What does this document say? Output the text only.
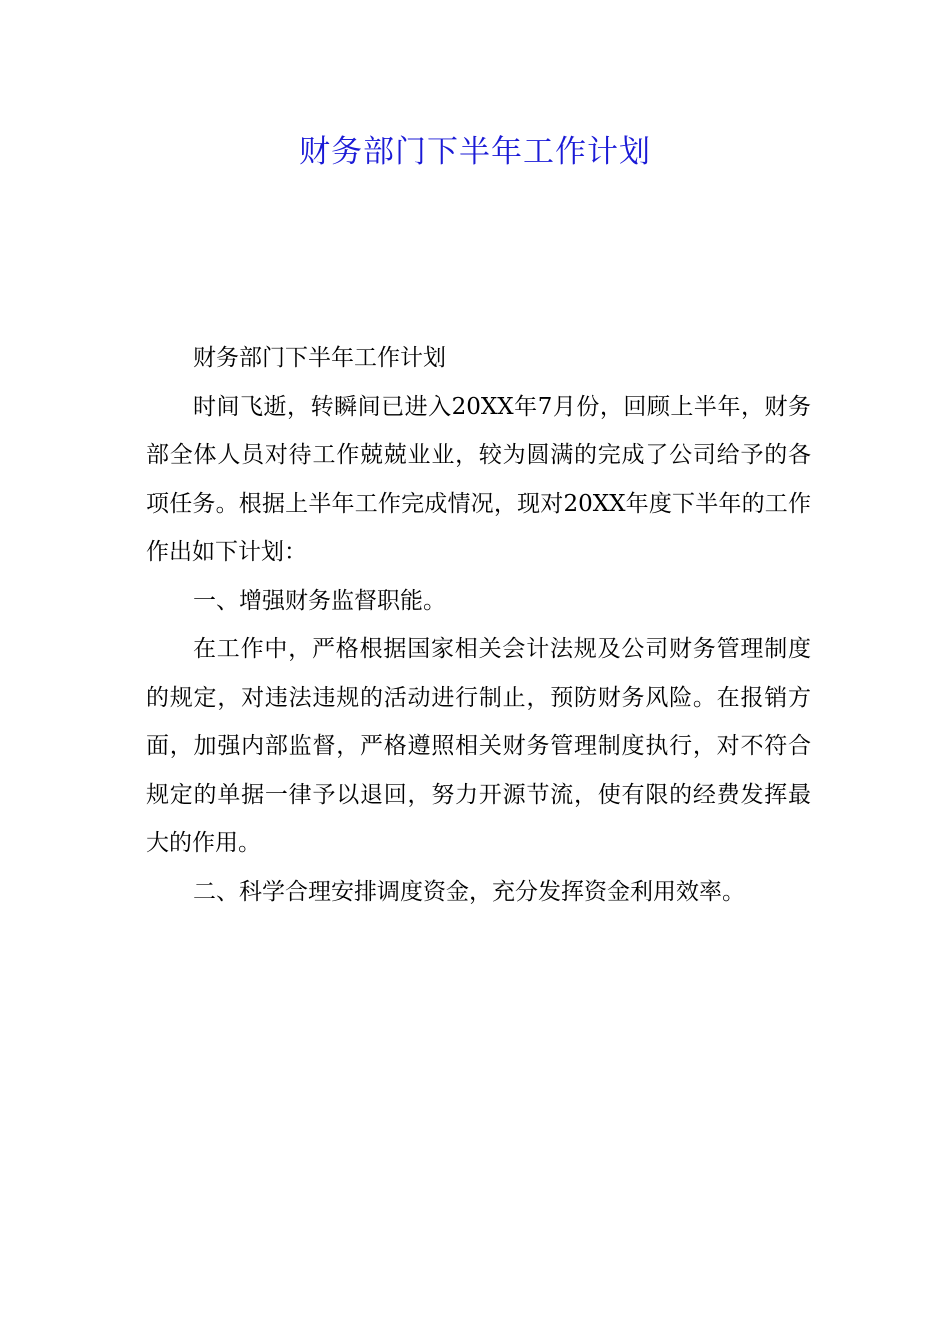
财务部门下半年工作计划

财务部门下半年工作计划

时间飞逝，转瞬间已进入20XX年7月份，回顾上半年，财务部全体人员对待工作兢兢业业，较为圆满的完成了公司给予的各项任务。根据上半年工作完成情况，现对20XX年度下半年的工作作出如下计划：

一、增强财务监督职能。

在工作中，严格根据国家相关会计法规及公司财务管理制度的规定，对违法违规的活动进行制止，预防财务风险。在报销方面，加强内部监督，严格遵照相关财务管理制度执行，对不符合规定的单据一律予以退回，努力开源节流，使有限的经费发挥最大的作用。

二、科学合理安排调度资金，充分发挥资金利用效率。
